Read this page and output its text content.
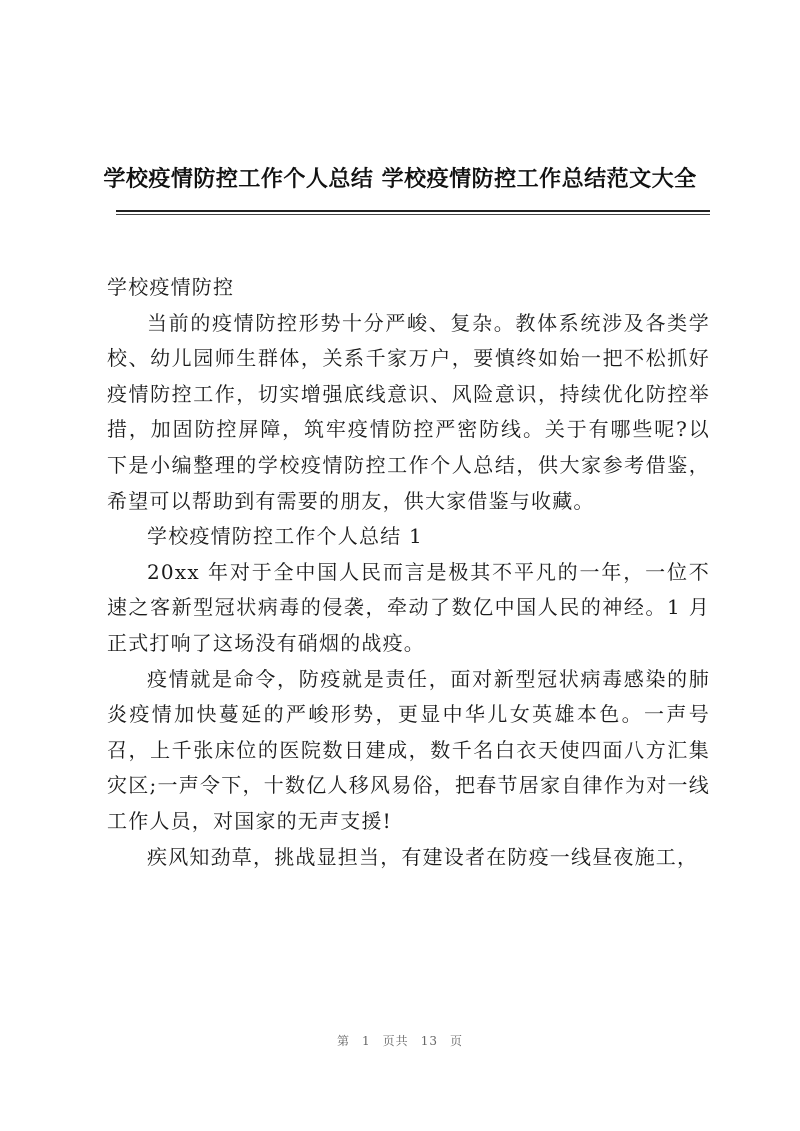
学校疫情防控工作个人总结 学校疫情防控工作总结范文大全

学校疫情防控

当前的疫情防控形势十分严峻、复杂。教体系统涉及各类学校、幼儿园师生群体，关系千家万户，要慎终如始一把不松抓好疫情防控工作，切实增强底线意识、风险意识，持续优化防控举措，加固防控屏障，筑牢疫情防控严密防线。关于有哪些呢?以下是小编整理的学校疫情防控工作个人总结，供大家参考借鉴，希望可以帮助到有需要的朋友，供大家借鉴与收藏。

学校疫情防控工作个人总结 1

20xx 年对于全中国人民而言是极其不平凡的一年，一位不速之客新型冠状病毒的侵袭，牵动了数亿中国人民的神经。1 月正式打响了这场没有硝烟的战疫。

疫情就是命令，防疫就是责任，面对新型冠状病毒感染的肺炎疫情加快蔓延的严峻形势，更显中华儿女英雄本色。一声号召，上千张床位的医院数日建成，数千名白衣天使四面八方汇集灾区;一声令下，十数亿人移风易俗，把春节居家自律作为对一线工作人员，对国家的无声支援!

疾风知劲草，挑战显担当，有建设者在防疫一线昼夜施工，

第 1 页共 13 页
